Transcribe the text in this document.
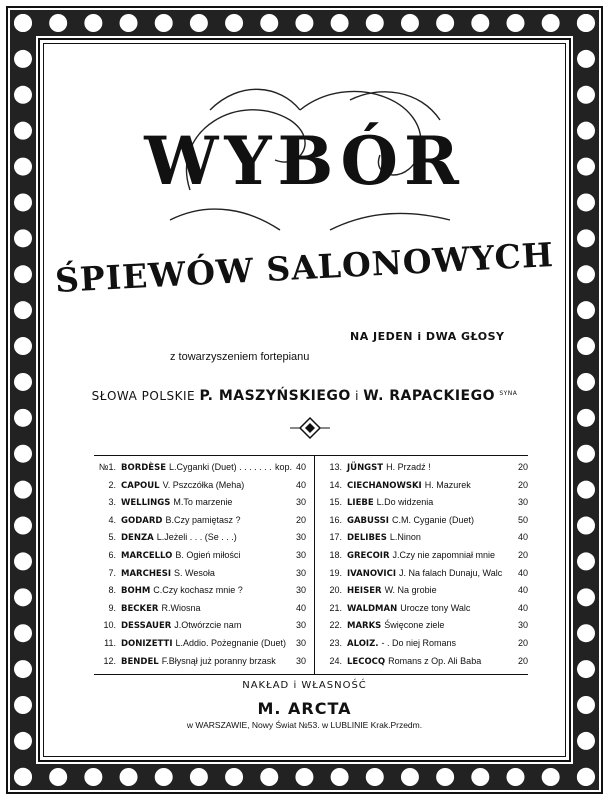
WYBÓR
ŚPIEWÓW SALONOWYCH
NA JEDEN i DWA GŁOSY
z towarzyszeniem fortepianu
SŁOWA POLSKIE P. MASZYŃSKIEGO i W. RAPACKIEGO $^{SYNA}$
№1. BORDÈSE L.Cyganki (Duet) . . . . . . . kop. 40
2. CAPOUL V. Pszczółka (Meha)	40
3. WELLINGS M.To marzenie	30
4. GODARD B.Czy pamiętasz ?	20
5. DENZA L.Jeżeli . . . (Se . . .)	30
6. MARCELLO B. Ogień miłości	30
7. MARCHESI S. Wesoła	30
8. BOHM C.Czy kochasz mnie ?	30
9. BECKER R.Wiosna	40
10. DESSAUER J.Otwórzcie nam	30
11. DONIZETTI L.Addio. Pożegnanie (Duet) 30
12. BENDEL F.Błysnął już poranny brzask 30
13. JÜNGST H. Przadź !	20
14. CIECHANOWSKI H. Mazurek	20
15. LIEBE L.Do widzenia	30
16. GABUSSI C.M. Cyganie (Duet)	50
17. DELIBES L.Ninon	40
18. GRECOIR J.Czy nie zapomniał mnie	20
19. IVANOVICI J. Na falach Dunaju, Walc 40
20. HEISER W. Na grobie	40
21. WALDMAN Urocze tony Walc	40
22. MARKS Święcone ziele	30
23. ALOIZ. - . Do niej Romans	20
24. LECOCQ Romans z Op. Ali Baba	20
NAKŁAD i WŁASNOŚĆ
M. ARCTA
w WARSZAWIE, Nowy Świat №53. w LUBLINIE Krak.Przedm.
